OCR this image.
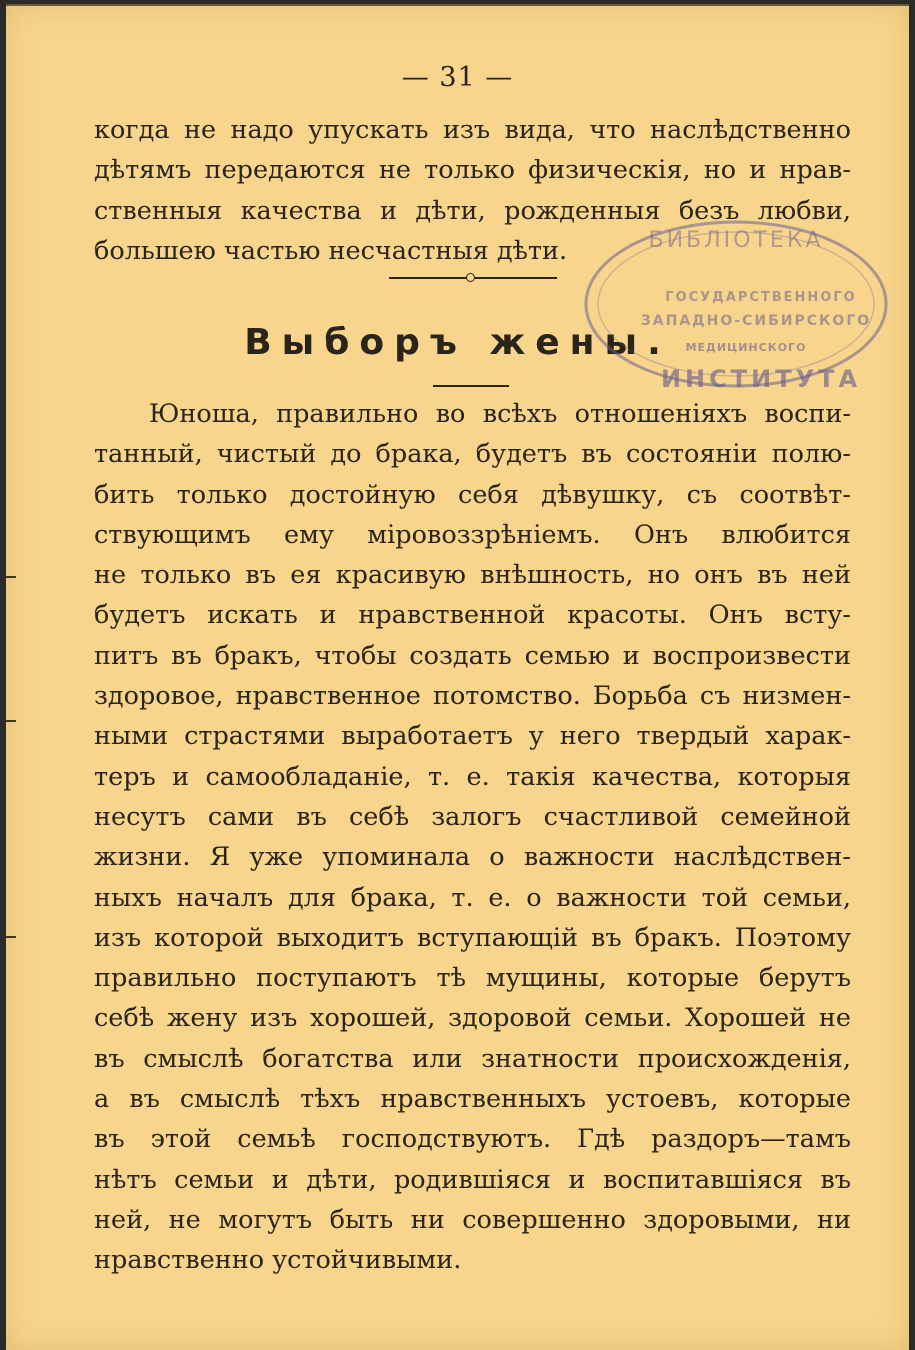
— 31 —
когда не надо упускать изъ вида, что наслѣдственно
дѣтямъ передаются не только физическія, но и нрав-
ственныя качества и дѣти, рожденныя безъ любви,
большею частью несчастныя дѣти.
Выборъ жены.
Юноша, правильно во всѣхъ отношеніяхъ воспи-
танный, чистый до брака, будетъ въ состояніи полю-
бить только достойную себя дѣвушку, съ соотвѣт-
ствующимъ ему міровоззрѣніемъ. Онъ влюбится
не только въ ея красивую внѣшность, но онъ въ ней
будетъ искать и нравственной красоты. Онъ всту-
питъ въ бракъ, чтобы создать семью и воспроизвести
здоровое, нравственное потомство. Борьба съ низмен-
ными страстями выработаетъ у него твердый харак-
теръ и самообладаніе, т. е. такія качества, которыя
несутъ сами въ себѣ залогъ счастливой семейной
жизни. Я уже упоминала о важности наслѣдствен-
ныхъ началъ для брака, т. е. о важности той семьи,
изъ которой выходитъ вступающій въ бракъ. Поэтому
правильно поступаютъ тѣ мущины, которые берутъ
себѣ жену изъ хорошей, здоровой семьи. Хорошей не
въ смыслѣ богатства или знатности происхожденія,
а въ смыслѣ тѣхъ нравственныхъ устоевъ, которые
въ этой семьѣ господствуютъ. Гдѣ раздоръ—тамъ
нѣтъ семьи и дѣти, родившіяся и воспитавшіяся въ
ней, не могутъ быть ни совершенно здоровыми, ни
нравственно устойчивыми.
БИБЛІОТЕКА
ГОСУДАРСТВЕННОГО
ЗАПАДНО-СИБИРСКОГО
МЕДИЦИНСКОГО
ИНСТИТУТА
